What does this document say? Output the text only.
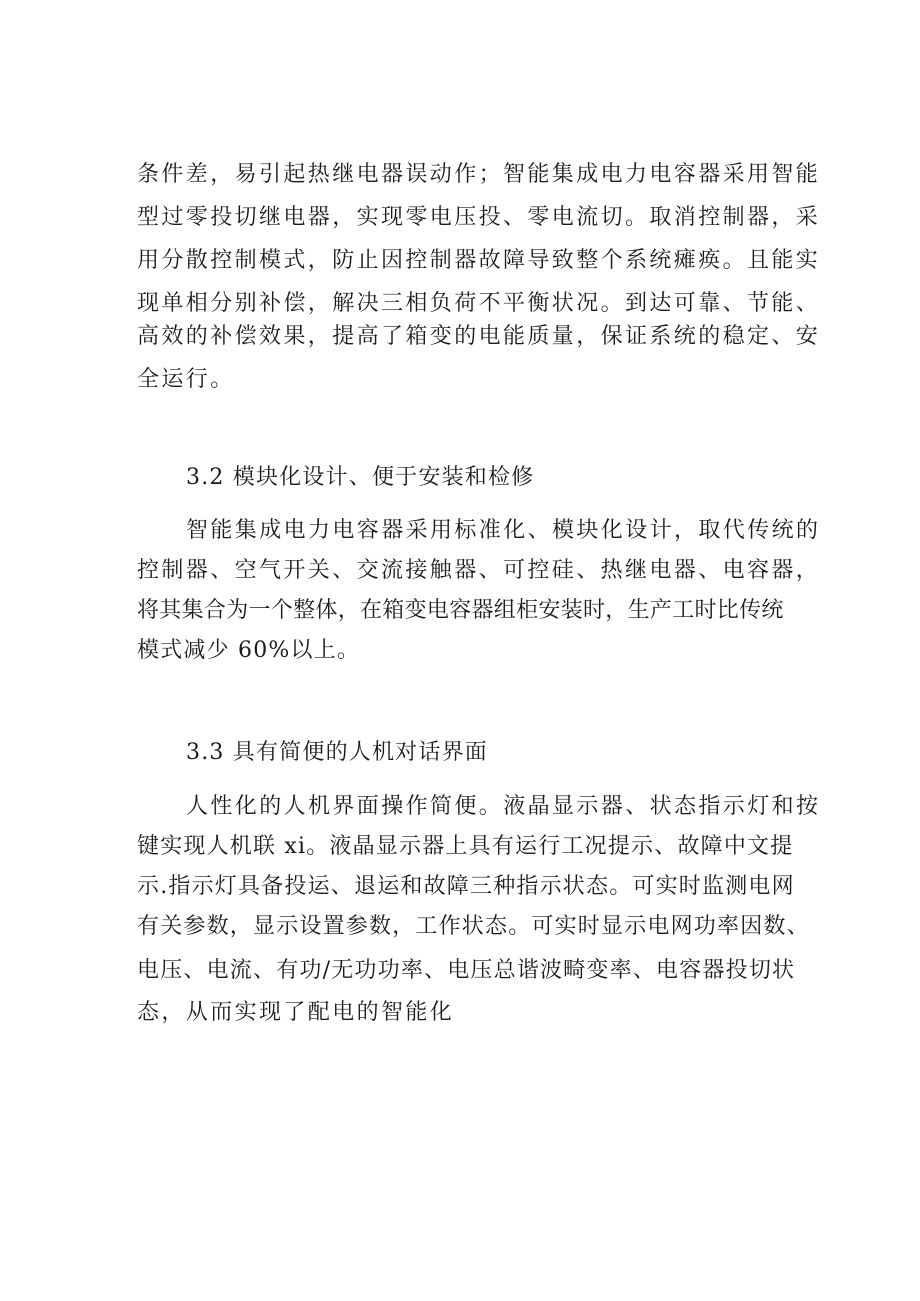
条件差，易引起热继电器误动作；智能集成电力电容器采用智能
型过零投切继电器，实现零电压投、零电流切。取消控制器，采
用分散控制模式，防止因控制器故障导致整个系统瘫痪。且能实
现单相分别补偿，解决三相负荷不平衡状况。到达可靠、节能、
高效的补偿效果，提高了箱变的电能质量，保证系统的稳定、安
全运行。
3.2 模块化设计、便于安装和检修
智能集成电力电容器采用标准化、模块化设计，取代传统的
控制器、空气开关、交流接触器、可控硅、热继电器、电容器，
将其集合为一个整体，在箱变电容器组柜安装时，生产工时比传统
模式减少 60%以上。
3.3 具有简便的人机对话界面
人性化的人机界面操作简便。液晶显示器、状态指示灯和按
键实现人机联 xi。液晶显示器上具有运行工况提示、故障中文提
示.指示灯具备投运、退运和故障三种指示状态。可实时监测电网
有关参数，显示设置参数，工作状态。可实时显示电网功率因数、
电压、电流、有功/无功功率、电压总谐波畸变率、电容器投切状
态，从而实现了配电的智能化
